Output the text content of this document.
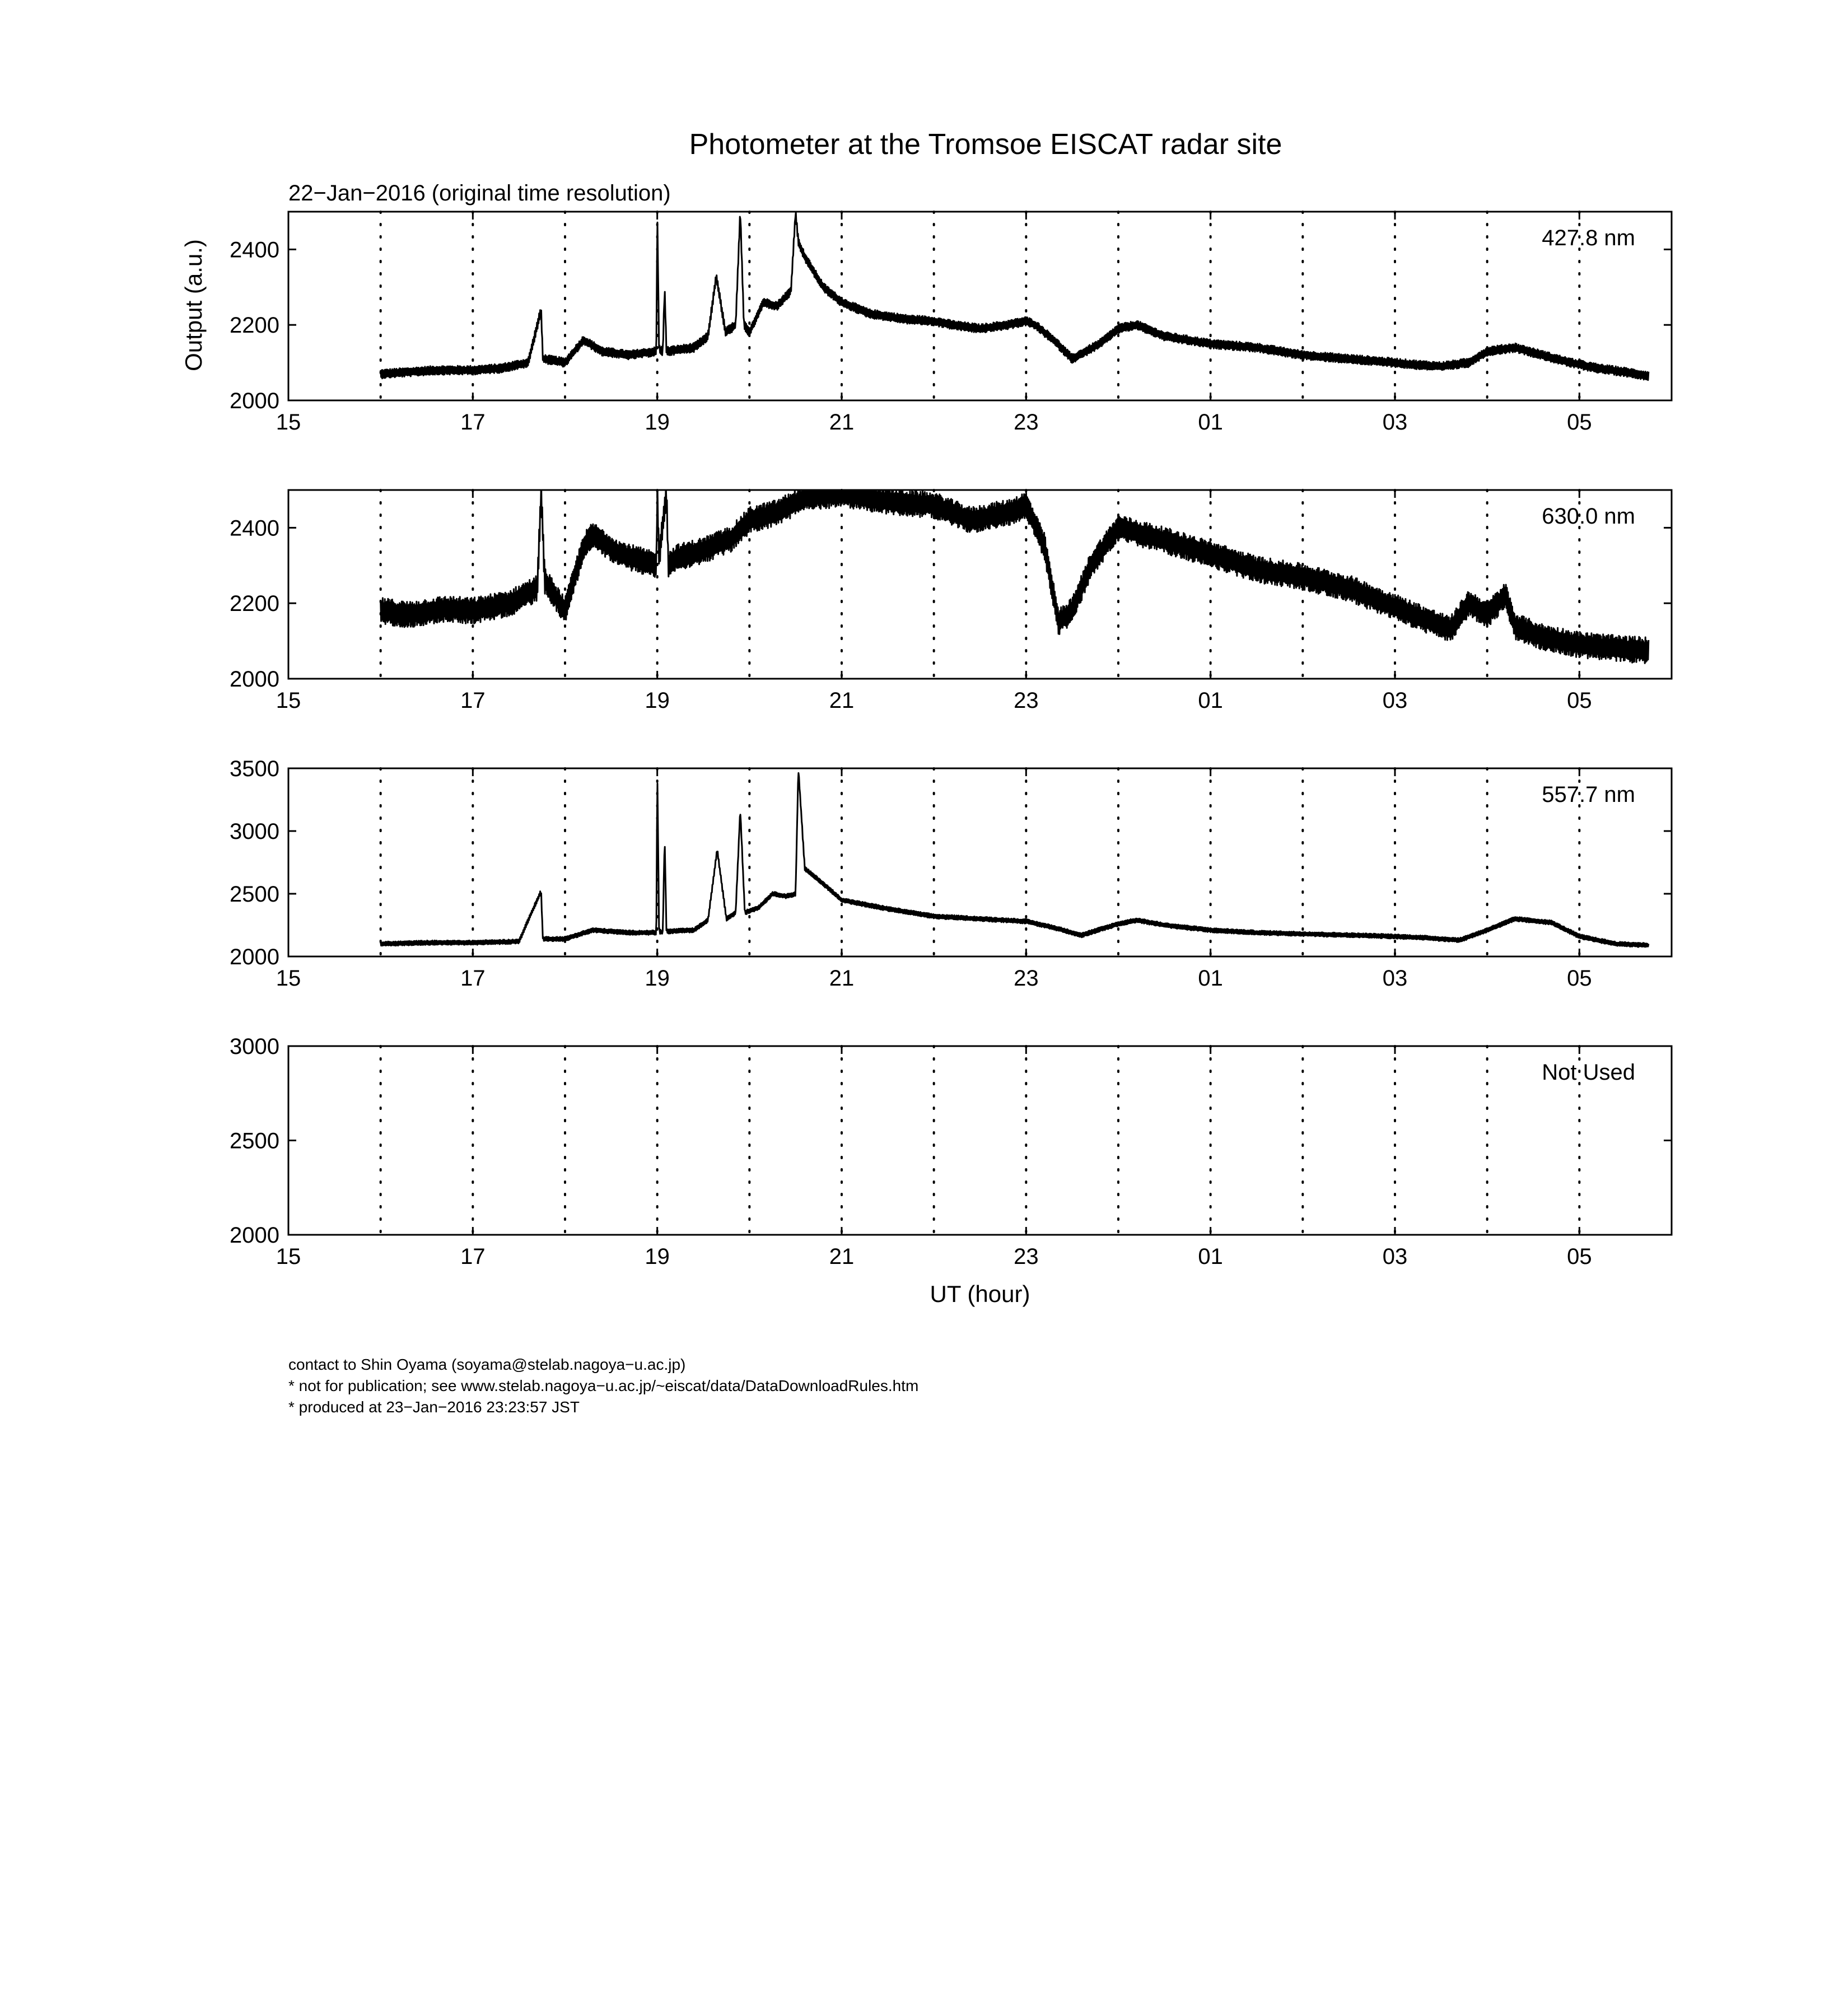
Photometer at the Tromsoe EISCAT radar site
22−Jan−2016 (original time resolution)
Output (a.u.)
15	17	19	21	23	01	03	05
2000
2200
2400	427.8 nm
15	17	19	21	23	01	03	05
2000
2200
2400	630.0 nm
15	17	19	21	23	01	03	05
2000
2500
3000
3500
557.7 nm
15	17	19	21	23	01	03	05
2000
2500
3000
Not Used
UT (hour)
contact to Shin Oyama (soyama@stelab.nagoya−u.ac.jp)
* not for publication; see www.stelab.nagoya−u.ac.jp/~eiscat/data/DataDownloadRules.htm
* produced at 23−Jan−2016 23:23:57 JST
